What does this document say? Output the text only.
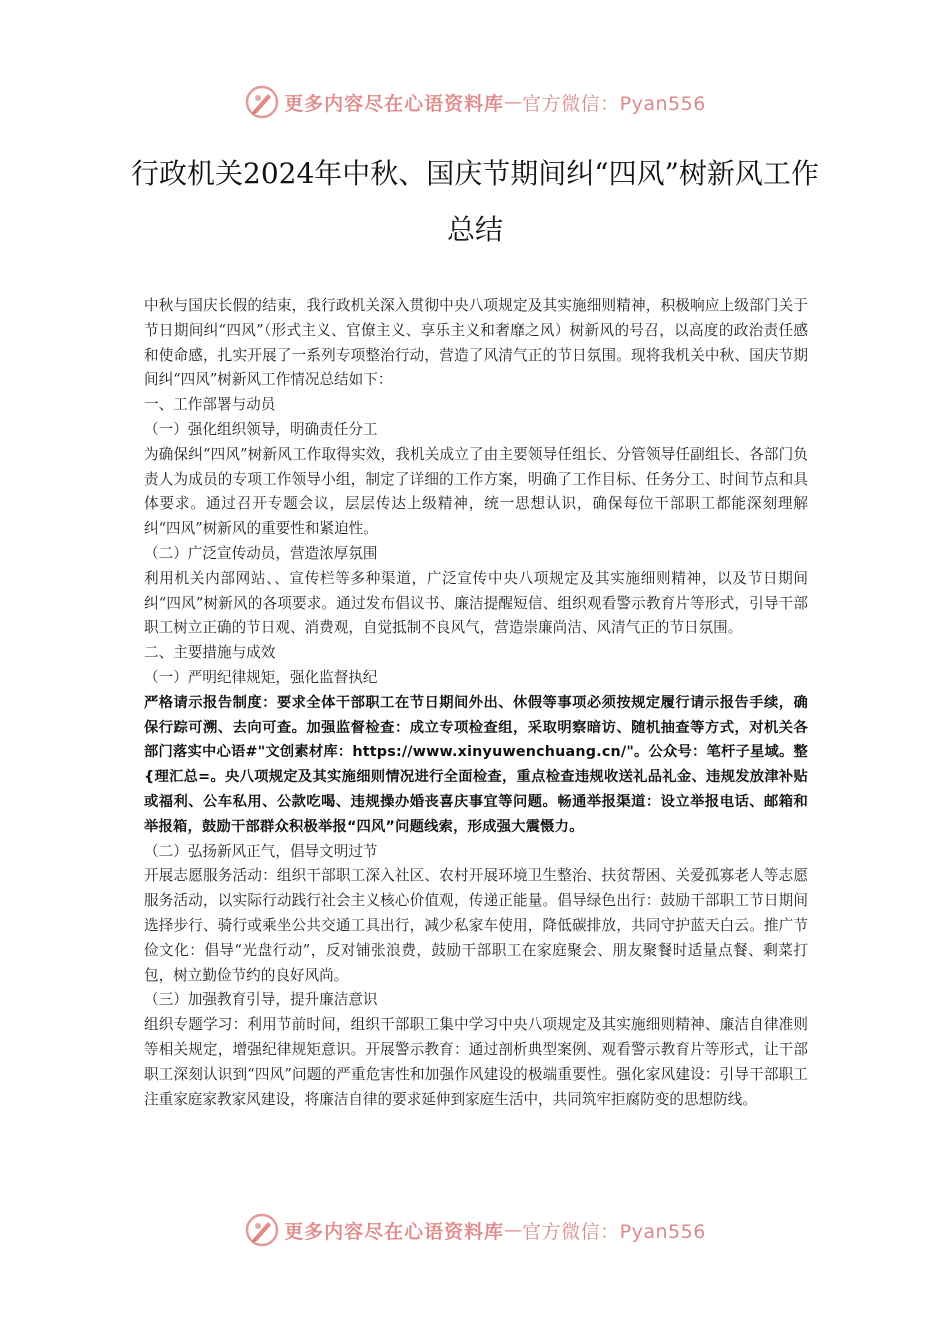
更多内容尽在心语资料库 — 官方微信：Pyan556
行政机关2024年中秋、国庆节期间纠“四风”树新风工作总结

中秋与国庆长假的结束，我行政机关深入贯彻中央八项规定及其实施细则精神，积极响应上级部门关于节日期间纠“四风”（形式主义、官僚主义、享乐主义和奢靡之风）树新风的号召，以高度的政治责任感和使命感，扎实开展了一系列专项整治行动，营造了风清气正的节日氛围。现将我机关中秋、国庆节期间纠“四风”树新风工作情况总结如下：

一、工作部署与动员

（一）强化组织领导，明确责任分工

为确保纠“四风”树新风工作取得实效，我机关成立了由主要领导任组长、分管领导任副组长、各部门负责人为成员的专项工作领导小组，制定了详细的工作方案，明确了工作目标、任务分工、时间节点和具体要求。通过召开专题会议，层层传达上级精神，统一思想认识，确保每位干部职工都能深刻理解纠“四风”树新风的重要性和紧迫性。

（二）广泛宣传动员，营造浓厚氛围

利用机关内部网站、、宣传栏等多种渠道，广泛宣传中央八项规定及其实施细则精神，以及节日期间纠“四风”树新风的各项要求。通过发布倡议书、廉洁提醒短信、组织观看警示教育片等形式，引导干部职工树立正确的节日观、消费观，自觉抵制不良风气，营造崇廉尚洁、风清气正的节日氛围。

二、主要措施与成效

（一）严明纪律规矩，强化监督执纪

严格请示报告制度：要求全体干部职工在节日期间外出、休假等事项必须按规定履行请示报告手续，确保行踪可溯、去向可查。加强监督检查：成立专项检查组，采取明察暗访、随机抽查等方式，对机关各部门落实中心语#"文创素材库：https://www.xinyuwenchuang.cn/"。公众号：笔杆子星域。整{理汇总=。央八项规定及其实施细则情况进行全面检查，重点检查违规收送礼品礼金、违规发放津补贴或福利、公车私用、公款吃喝、违规操办婚丧喜庆事宜等问题。畅通举报渠道：设立举报电话、邮箱和举报箱，鼓励干部群众积极举报“四风”问题线索，形成强大震慑力。

（二）弘扬新风正气，倡导文明过节

开展志愿服务活动：组织干部职工深入社区、农村开展环境卫生整治、扶贫帮困、关爱孤寡老人等志愿服务活动，以实际行动践行社会主义核心价值观，传递正能量。倡导绿色出行：鼓励干部职工节日期间选择步行、骑行或乘坐公共交通工具出行，减少私家车使用，降低碳排放，共同守护蓝天白云。推广节俭文化：倡导“光盘行动”，反对铺张浪费，鼓励干部职工在家庭聚会、朋友聚餐时适量点餐、剩菜打包，树立勤俭节约的良好风尚。

（三）加强教育引导，提升廉洁意识

组织专题学习：利用节前时间，组织干部职工集中学习中央八项规定及其实施细则精神、廉洁自律准则等相关规定，增强纪律规矩意识。开展警示教育：通过剖析典型案例、观看警示教育片等形式，让干部职工深刻认识到“四风”问题的严重危害性和加强作风建设的极端重要性。强化家风建设：引导干部职工注重家庭家教家风建设，将廉洁自律的要求延伸到家庭生活中，共同筑牢拒腐防变的思想防线。

更多内容尽在心语资料库 — 官方微信：Pyan556
